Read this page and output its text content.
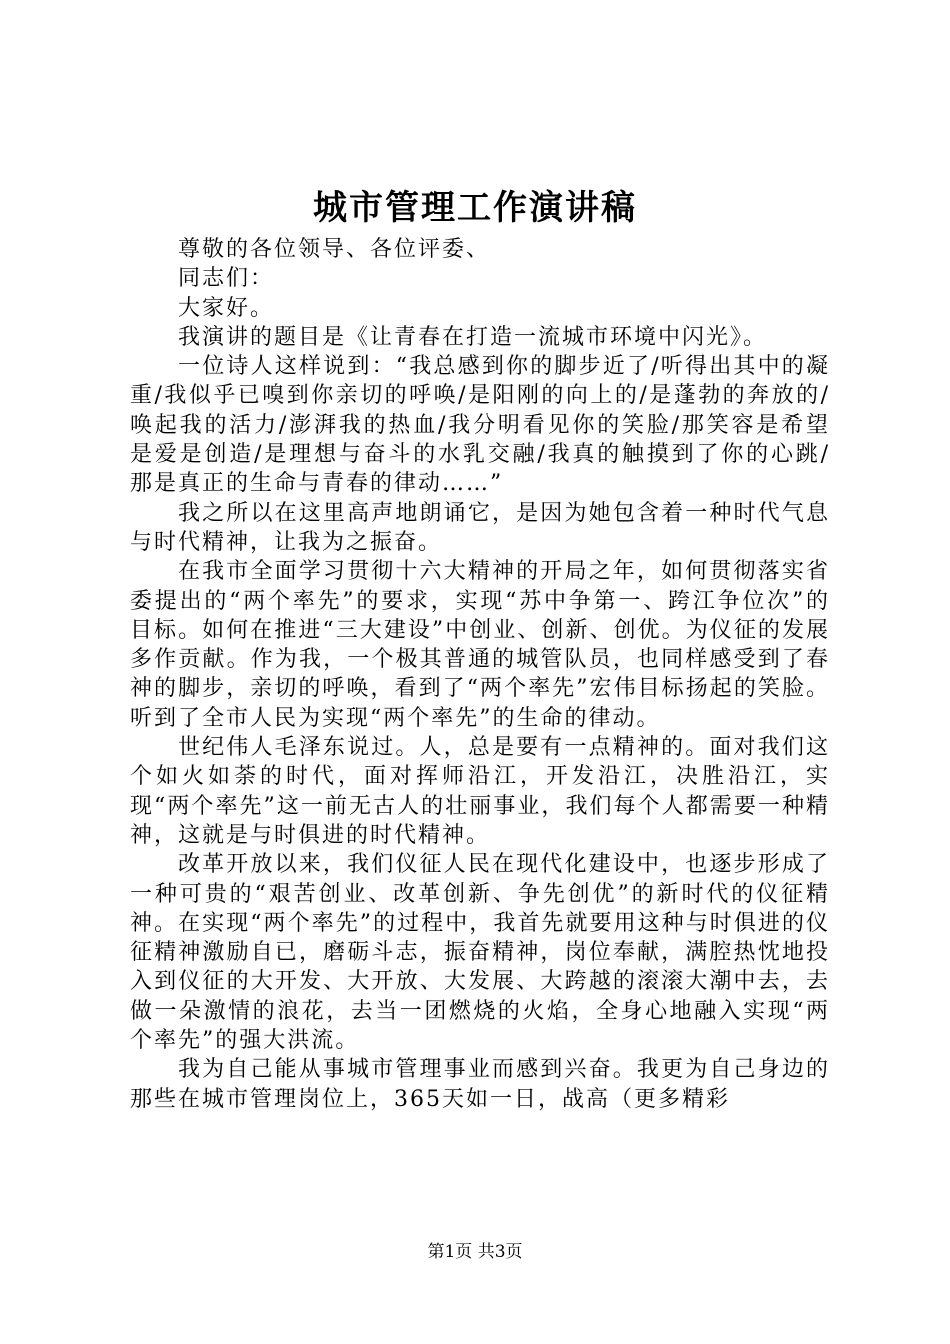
城市管理工作演讲稿

尊敬的各位领导、各位评委、

同志们：

大家好。

我演讲的题目是《让青春在打造一流城市环境中闪光》。

一位诗人这样说到：“我总感到你的脚步近了/听得出其中的凝重/我似乎已嗅到你亲切的呼唤/是阳刚的向上的/是蓬勃的奔放的/唤起我的活力/澎湃我的热血/我分明看见你的笑脸/那笑容是希望是爱是创造/是理想与奋斗的水乳交融/我真的触摸到了你的心跳/那是真正的生命与青春的律动……”

我之所以在这里高声地朗诵它，是因为她包含着一种时代气息与时代精神，让我为之振奋。

在我市全面学习贯彻十六大精神的开局之年，如何贯彻落实省委提出的“两个率先”的要求，实现“苏中争第一、跨江争位次”的目标。如何在推进“三大建设”中创业、创新、创优。为仪征的发展多作贡献。作为我，一个极其普通的城管队员，也同样感受到了春神的脚步，亲切的呼唤，看到了“两个率先”宏伟目标扬起的笑脸。听到了全市人民为实现“两个率先”的生命的律动。

世纪伟人毛泽东说过。人，总是要有一点精神的。面对我们这个如火如荼的时代，面对挥师沿江，开发沿江，决胜沿江，实现“两个率先”这一前无古人的壮丽事业，我们每个人都需要一种精神，这就是与时俱进的时代精神。

改革开放以来，我们仪征人民在现代化建设中，也逐步形成了一种可贵的“艰苦创业、改革创新、争先创优”的新时代的仪征精神。在实现“两个率先”的过程中，我首先就要用这种与时俱进的仪征精神激励自已，磨砺斗志，振奋精神，岗位奉献，满腔热忱地投入到仪征的大开发、大开放、大发展、大跨越的滚滚大潮中去，去做一朵激情的浪花，去当一团燃烧的火焰，全身心地融入实现“两个率先”的强大洪流。

我为自己能从事城市管理事业而感到兴奋。我更为自己身边的那些在城市管理岗位上，365天如一日，战高（更多精彩

第1页 共3页
